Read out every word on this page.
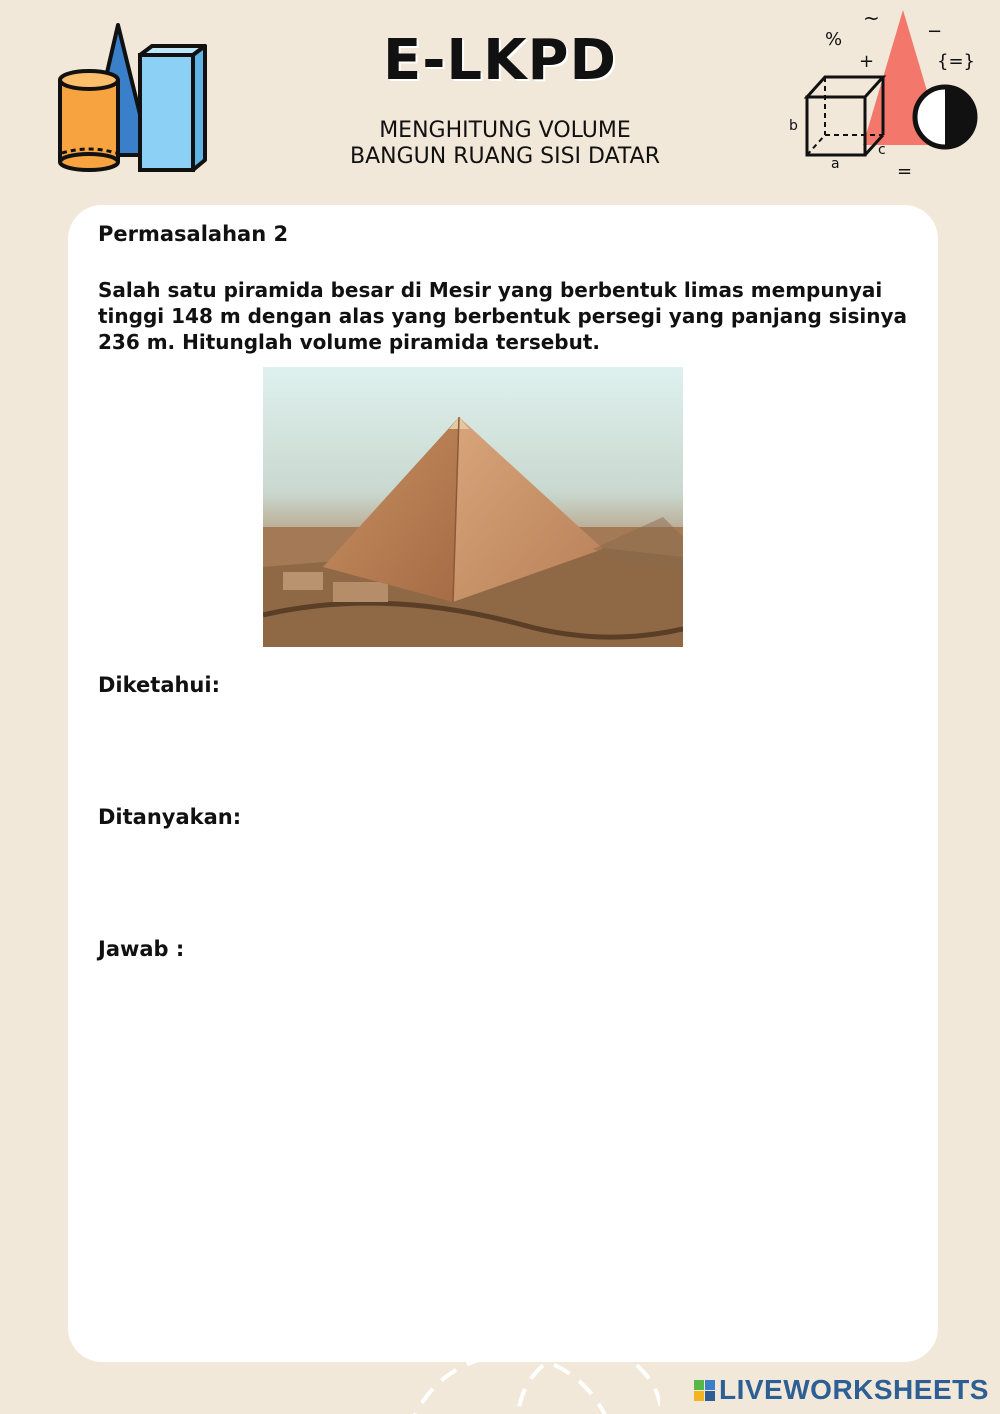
E-LKPD
MENGHITUNG VOLUME
BANGUN RUANG SISI DATAR
%
~
+
−
{=}
=
b
a
c
Permasalahan 2
Salah satu piramida besar di Mesir yang berbentuk limas mempunyai tinggi 148 m dengan alas yang berbentuk persegi yang panjang sisinya 236 m. Hitunglah volume piramida tersebut.
Diketahui:
Ditanyakan:
Jawab :
LIVEWORKSHEETS
